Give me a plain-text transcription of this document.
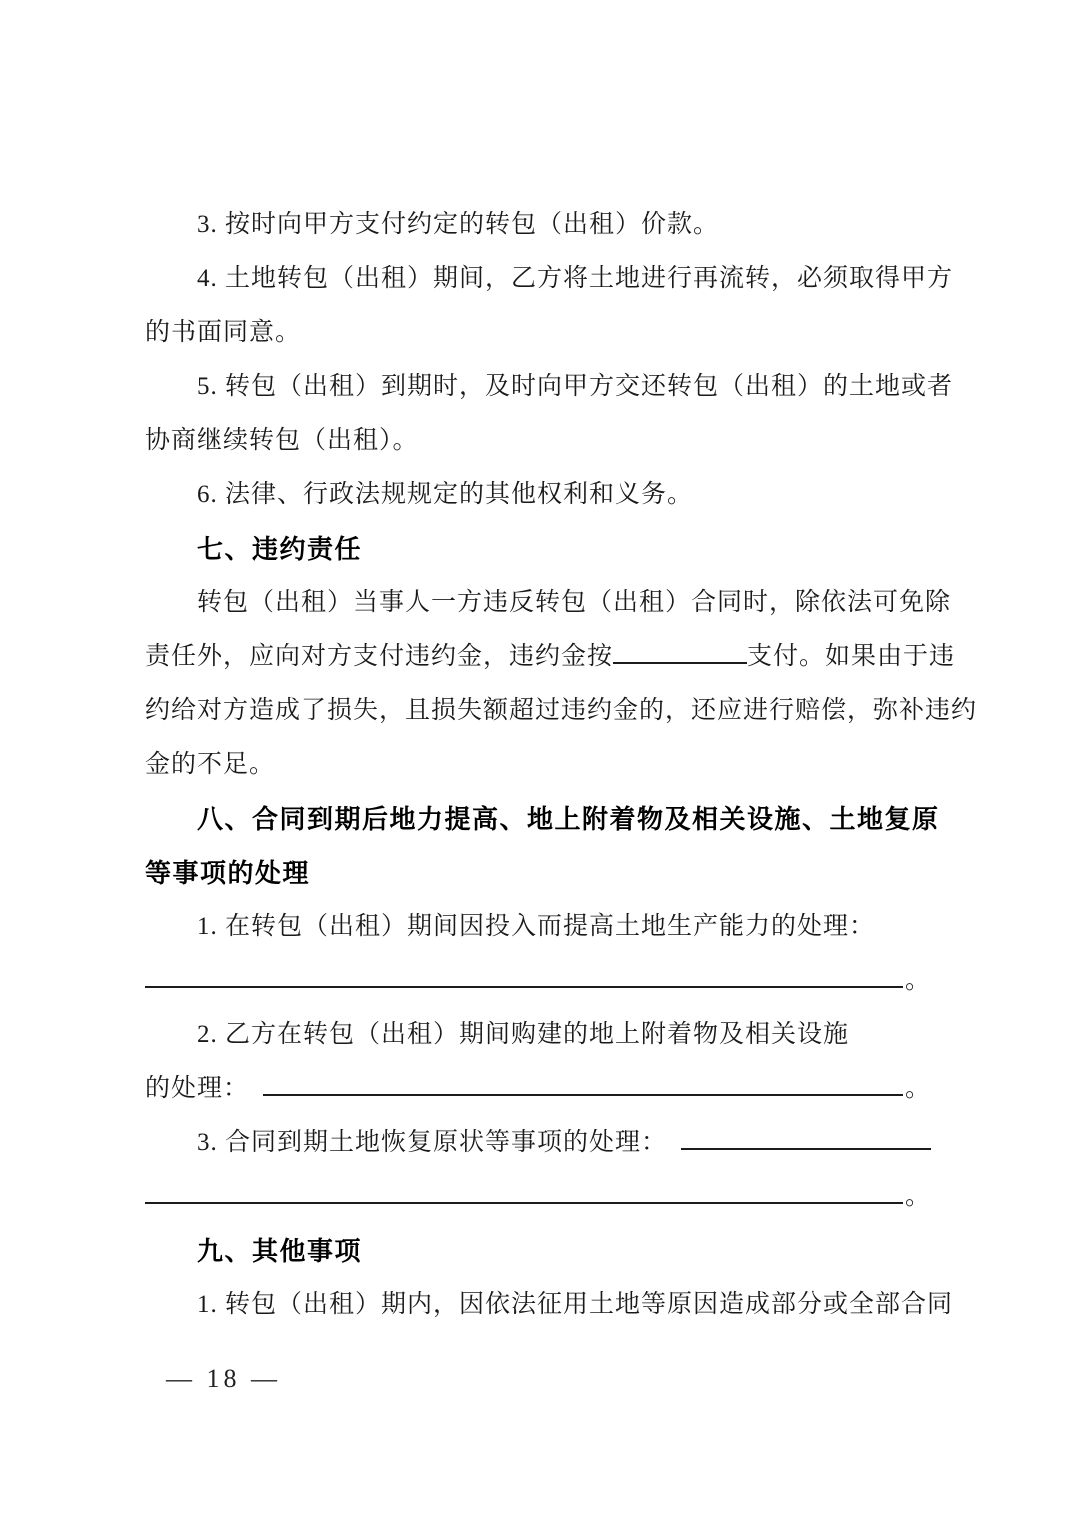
3. 按时向甲方支付约定的转包（出租）价款。
4. 土地转包（出租）期间，乙方将土地进行再流转，必须取得甲方
的书面同意。
5. 转包（出租）到期时，及时向甲方交还转包（出租）的土地或者
协商继续转包（出租）。
6. 法律、行政法规规定的其他权利和义务。
七、违约责任
转包（出租）当事人一方违反转包（出租）合同时，除依法可免除
责任外，应向对方支付违约金，违约金按	支付。如果由于违
约给对方造成了损失，且损失额超过违约金的，还应进行赔偿，弥补违约
金的不足。
八、合同到期后地力提高、地上附着物及相关设施、土地复原
等事项的处理
1. 在转包（出租）期间因投入而提高土地生产能力的处理：
。
2. 乙方在转包（出租）期间购建的地上附着物及相关设施
的处理：	。
3. 合同到期土地恢复原状等事项的处理：
。
九、其他事项
1. 转包（出租）期内，因依法征用土地等原因造成部分或全部合同
— 18 —
